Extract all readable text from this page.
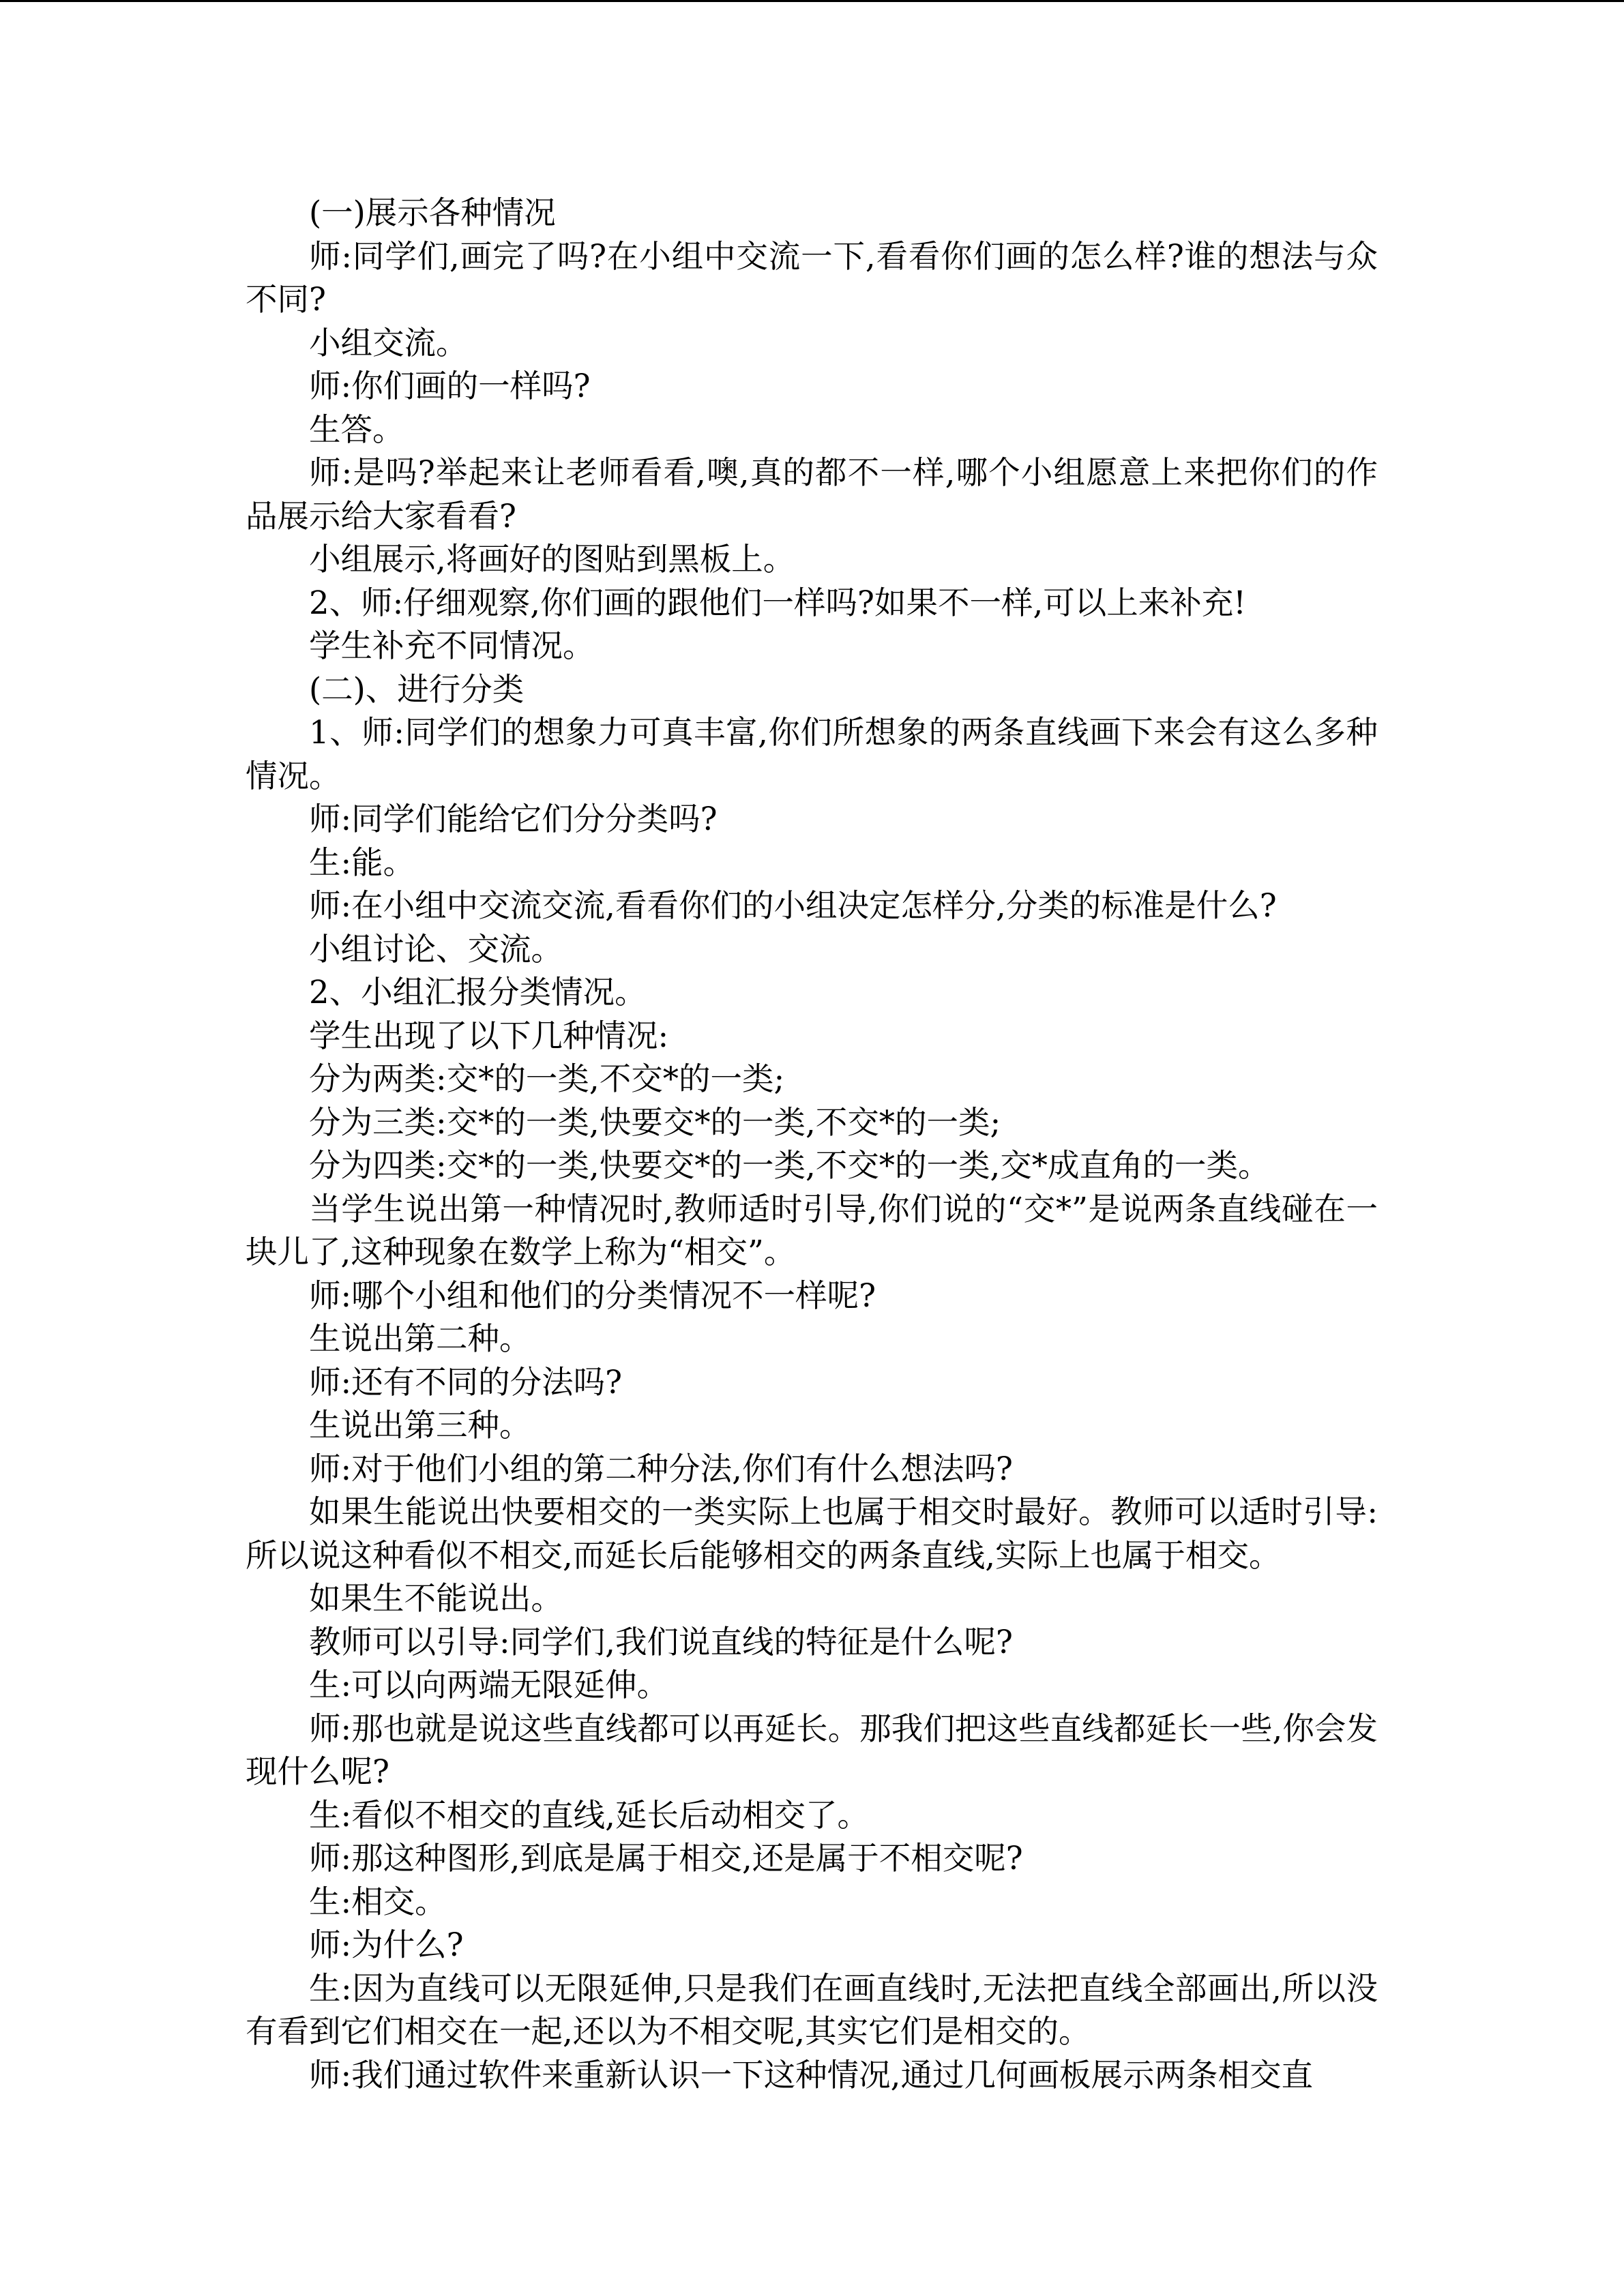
(一)展示各种情况

师:同学们,画完了吗?在小组中交流一下,看看你们画的怎么样?谁的想法与众不同?

小组交流。

师:你们画的一样吗?

生答。

师:是吗?举起来让老师看看,噢,真的都不一样,哪个小组愿意上来把你们的作品展示给大家看看?

小组展示,将画好的图贴到黑板上。

2、师:仔细观察,你们画的跟他们一样吗?如果不一样,可以上来补充!

学生补充不同情况。

(二)、进行分类

1、师:同学们的想象力可真丰富,你们所想象的两条直线画下来会有这么多种情况。

师:同学们能给它们分分类吗?

生:能。

师:在小组中交流交流,看看你们的小组决定怎样分,分类的标准是什么?

小组讨论、交流。

2、小组汇报分类情况。

学生出现了以下几种情况:

分为两类:交*的一类,不交*的一类;

分为三类:交*的一类,快要交*的一类,不交*的一类;

分为四类:交*的一类,快要交*的一类,不交*的一类,交*成直角的一类。

当学生说出第一种情况时,教师适时引导,你们说的“交*”是说两条直线碰在一块儿了,这种现象在数学上称为“相交”。

师:哪个小组和他们的分类情况不一样呢?

生说出第二种。

师:还有不同的分法吗?

生说出第三种。

师:对于他们小组的第二种分法,你们有什么想法吗?

如果生能说出快要相交的一类实际上也属于相交时最好。教师可以适时引导:所以说这种看似不相交,而延长后能够相交的两条直线,实际上也属于相交。

如果生不能说出。

教师可以引导:同学们,我们说直线的特征是什么呢?

生:可以向两端无限延伸。

师:那也就是说这些直线都可以再延长。那我们把这些直线都延长一些,你会发现什么呢?

生:看似不相交的直线,延长后动相交了。

师:那这种图形,到底是属于相交,还是属于不相交呢?

生:相交。

师:为什么?

生:因为直线可以无限延伸,只是我们在画直线时,无法把直线全部画出,所以没有看到它们相交在一起,还以为不相交呢,其实它们是相交的。

师:我们通过软件来重新认识一下这种情况,通过几何画板展示两条相交直
